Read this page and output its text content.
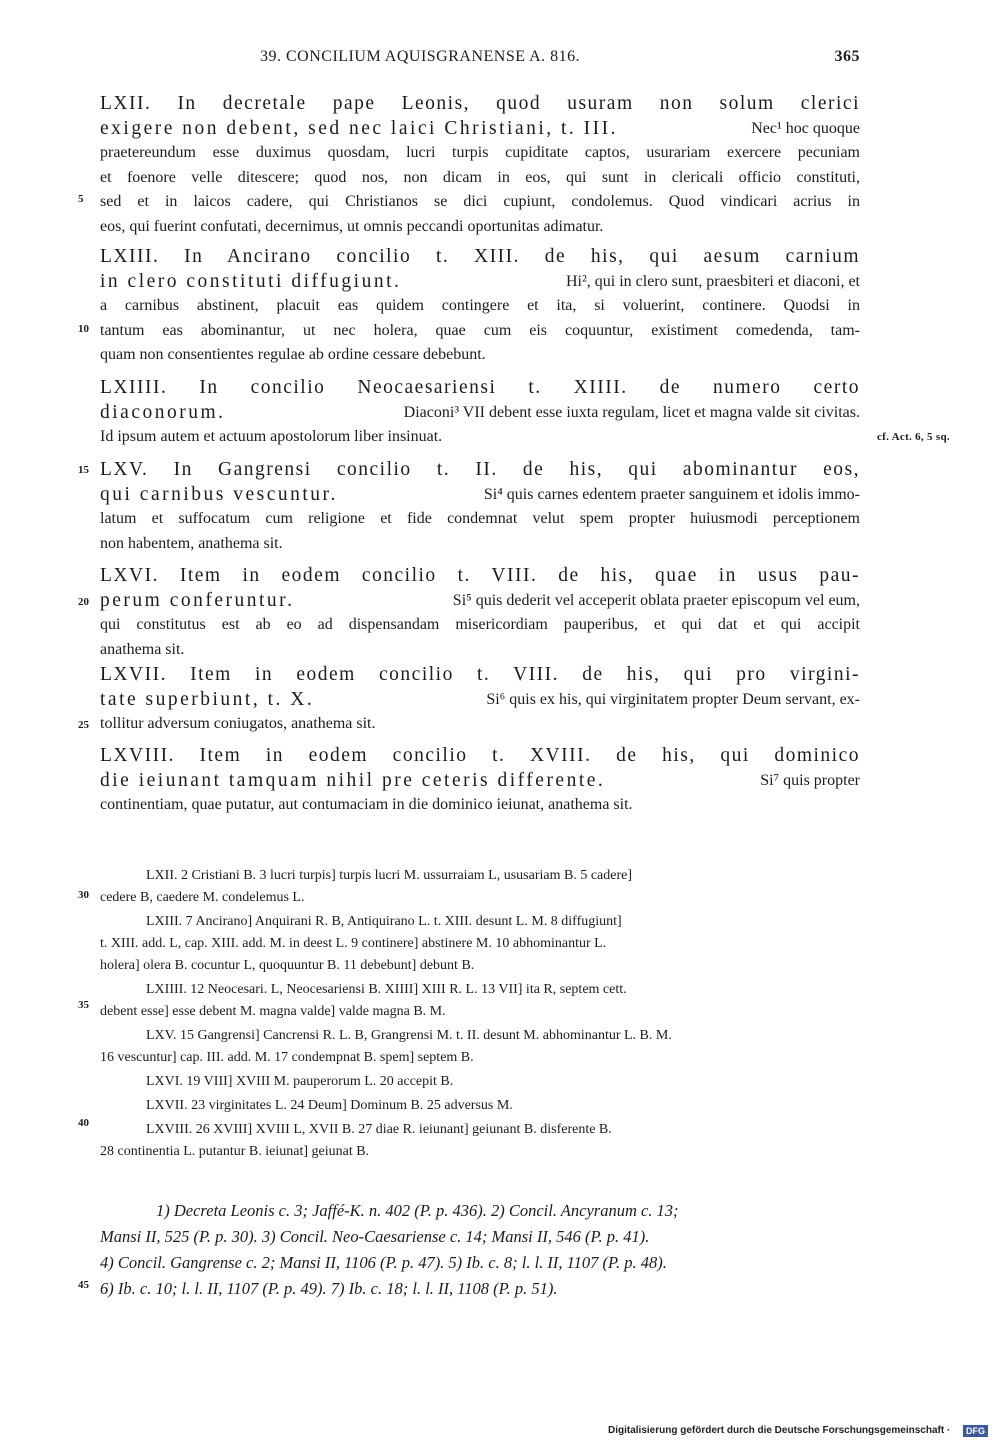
39. CONCILIUM AQUISGRANENSE A. 816.	365
5
10
15
20
25
30
35
40
45
cf. Act. 6, 5 sq.
LXII. In decretale pape Leonis, quod usuram non solum clerici
exigere non debent, sed nec laici Christiani, t. III.	Nec¹ hoc quoque
praetereundum esse duximus quosdam, lucri turpis cupiditate captos, usurariam exercere pecuniam
et foenore velle ditescere; quod nos, non dicam in eos, qui sunt in clericali officio constituti,
sed et in laicos cadere, qui Christianos se dici cupiunt, condolemus. Quod vindicari acrius in
eos, qui fuerint confutati, decernimus, ut omnis peccandi oportunitas adimatur.
LXIII. In Ancirano concilio t. XIII. de his, qui aesum carnium
in clero constituti diffugiunt.	Hi², qui in clero sunt, praesbiteri et diaconi, et
a carnibus abstinent, placuit eas quidem contingere et ita, si voluerint, continere. Quodsi in
tantum eas abominantur, ut nec holera, quae cum eis coquuntur, existiment comedenda, tam-
quam non consentientes regulae ab ordine cessare debebunt.
LXIIII. In concilio Neocaesariensi t. XIIII. de numero certo
diaconorum.	Diaconi³ VII debent esse iuxta regulam, licet et magna valde sit civitas.
Id ipsum autem et actuum apostolorum liber insinuat.
LXV. In Gangrensi concilio t. II. de his, qui abominantur eos,
qui carnibus vescuntur.	Si⁴ quis carnes edentem praeter sanguinem et idolis immo-
latum et suffocatum cum religione et fide condemnat velut spem propter huiusmodi perceptionem
non habentem, anathema sit.
LXVI. Item in eodem concilio t. VIII. de his, quae in usus pau-
perum conferuntur.	Si⁵ quis dederit vel acceperit oblata praeter episcopum vel eum,
qui constitutus est ab eo ad dispensandam misericordiam pauperibus, et qui dat et qui accipit
anathema sit.
LXVII. Item in eodem concilio t. VIII. de his, qui pro virgini-
tate superbiunt, t. X.	Si⁶ quis ex his, qui virginitatem propter Deum servant, ex-
tollitur adversum coniugatos, anathema sit.
LXVIII. Item in eodem concilio t. XVIII. de his, qui dominico
die ieiunant tamquam nihil pre ceteris differente.	Si⁷ quis propter
continentiam, quae putatur, aut contumaciam in die dominico ieiunat, anathema sit.

LXII. 2 Cristiani B. 3 lucri turpis] turpis lucri M. ussurraiam L, ususariam B. 5 cadere]

cedere B, caedere M. condelemus L.

LXIII. 7 Ancirano] Anquirani R. B, Antiquirano L. t. XIII. desunt L. M. 8 diffugiunt]

t. XIII. add. L, cap. XIII. add. M. in deest L. 9 continere] abstinere M. 10 abhominantur L.

holera] olera B. cocuntur L, quoquuntur B. 11 debebunt] debunt B.

LXIIII. 12 Neocesari. L, Neocesariensi B. XIIII] XIII R. L. 13 VII] ita R, septem cett.

debent esse] esse debent M. magna valde] valde magna B. M.

LXV. 15 Gangrensi] Cancrensi R. L. B, Grangrensi M. t. II. desunt M. abhominantur L. B. M.

16 vescuntur] cap. III. add. M. 17 condempnat B. spem] septem B.

LXVI. 19 VIII] XVIII M. pauperorum L. 20 accepit B.

LXVII. 23 virginitates L. 24 Deum] Dominum B. 25 adversus M.

LXVIII. 26 XVIII] XVIII L, XVII B. 27 diae R. ieiunant] geiunant B. disferente B.

28 continentia L. putantur B. ieiunat] geiunat B.

1) Decreta Leonis c. 3; Jaffé-K. n. 402 (P. p. 436). 2) Concil. Ancyranum c. 13;

Mansi II, 525 (P. p. 30). 3) Concil. Neo-Caesariense c. 14; Mansi II, 546 (P. p. 41).

4) Concil. Gangrense c. 2; Mansi II, 1106 (P. p. 47). 5) Ib. c. 8; l. l. II, 1107 (P. p. 48).

6) Ib. c. 10; l. l. II, 1107 (P. p. 49). 7) Ib. c. 18; l. l. II, 1108 (P. p. 51).

Digitalisierung gefördert durch die Deutsche Forschungsgemeinschaft ·	DFG
